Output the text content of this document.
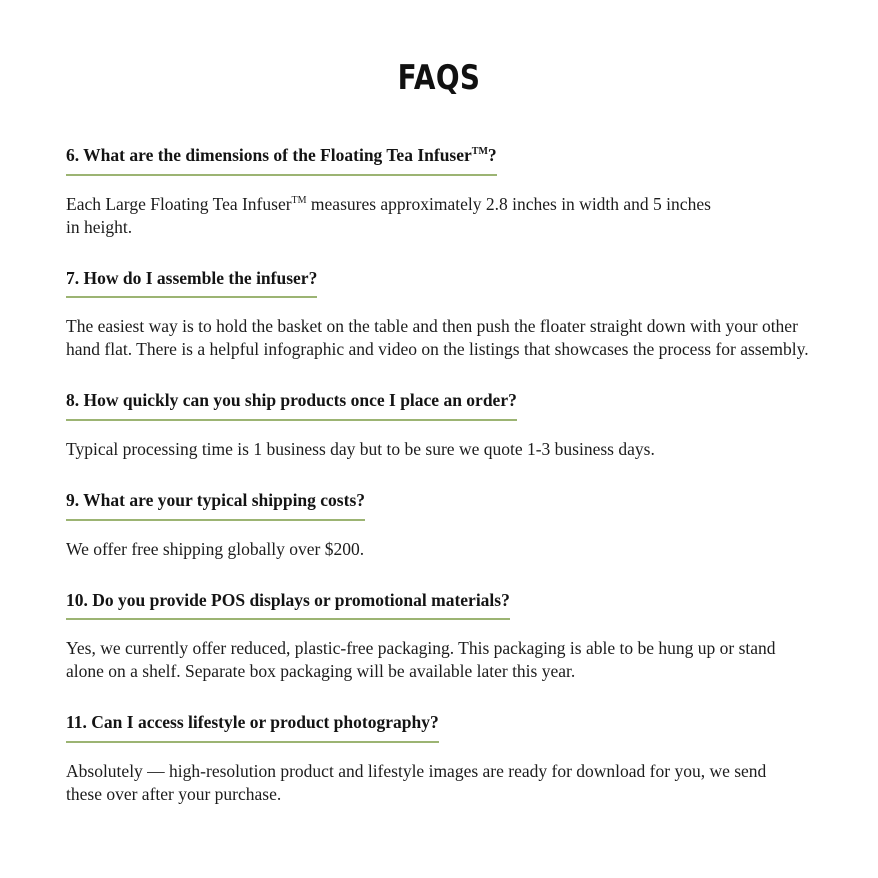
FAQS
6. What are the dimensions of the Floating Tea Infuser™?

Each Large Floating Tea Infuser™ measures approximately 2.8 inches in width and 5 inches in height.

7. How do I assemble the infuser?

The easiest way is to hold the basket on the table and then push the floater straight down with your other hand flat. There is a helpful infographic and video on the listings that showcases the process for assembly.

8. How quickly can you ship products once I place an order?

Typical processing time is 1 business day but to be sure we quote 1-3 business days.

9. What are your typical shipping costs?

We offer free shipping globally over $200.

10. Do you provide POS displays or promotional materials?

Yes, we currently offer reduced, plastic-free packaging. This packaging is able to be hung up or stand alone on a shelf. Separate box packaging will be available later this year.

11. Can I access lifestyle or product photography?

Absolutely — high-resolution product and lifestyle images are ready for download for you, we send these over after your purchase.
